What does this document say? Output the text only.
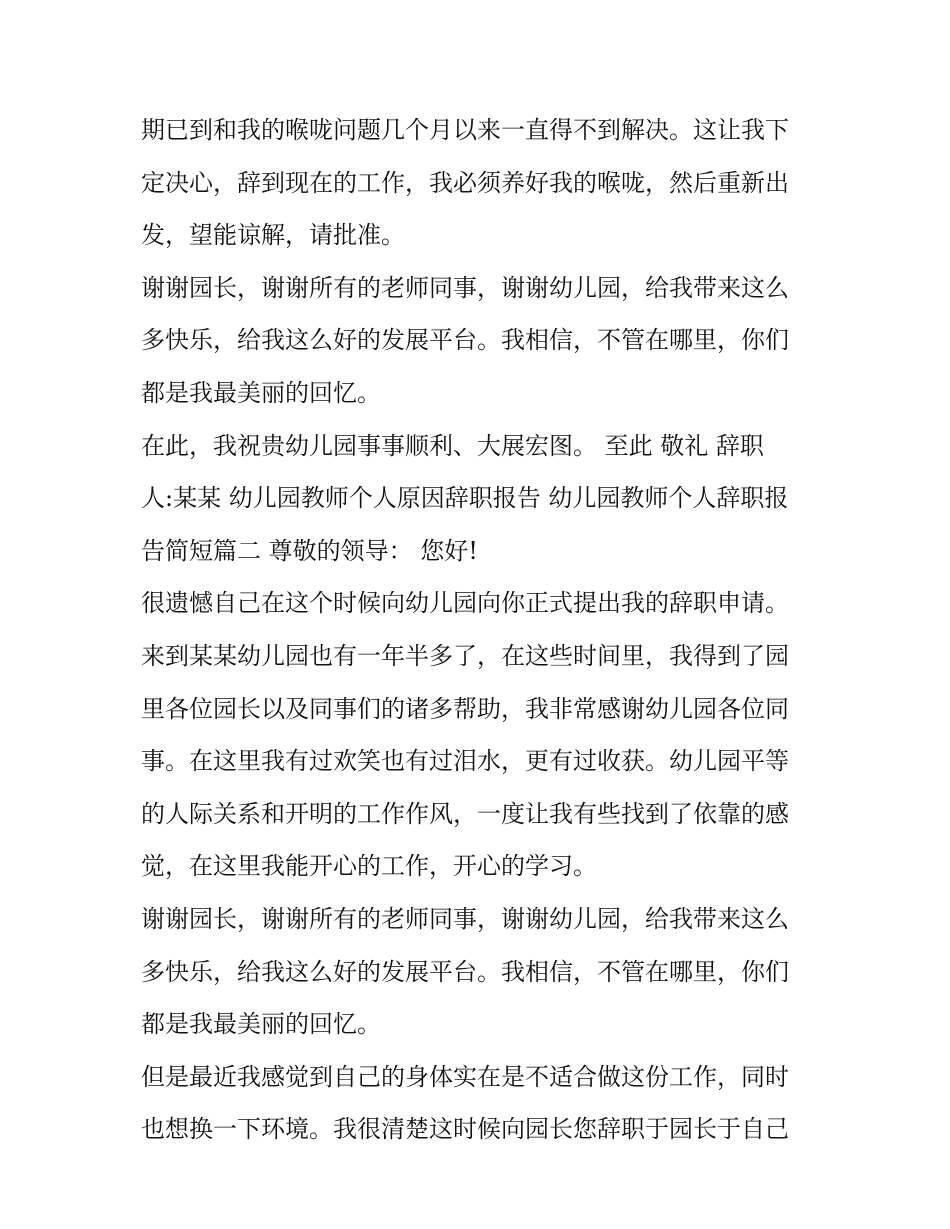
期已到和我的喉咙问题几个月以来一直得不到解决。这让我下
定决心，辞到现在的工作，我必须养好我的喉咙，然后重新出
发，望能谅解，请批准。
谢谢园长，谢谢所有的老师同事，谢谢幼儿园，给我带来这么
多快乐，给我这么好的发展平台。我相信，不管在哪里，你们
都是我最美丽的回忆。
在此，我祝贵幼儿园事事顺利、大展宏图。 至此 敬礼 辞职
人:某某 幼儿园教师个人原因辞职报告 幼儿园教师个人辞职报
告简短篇二 尊敬的领导： 您好!
很遗憾自己在这个时候向幼儿园向你正式提出我的辞职申请。
来到某某幼儿园也有一年半多了，在这些时间里，我得到了园
里各位园长以及同事们的诸多帮助，我非常感谢幼儿园各位同
事。在这里我有过欢笑也有过泪水，更有过收获。幼儿园平等
的人际关系和开明的工作作风，一度让我有些找到了依靠的感
觉，在这里我能开心的工作，开心的学习。
谢谢园长，谢谢所有的老师同事，谢谢幼儿园，给我带来这么
多快乐，给我这么好的发展平台。我相信，不管在哪里，你们
都是我最美丽的回忆。
但是最近我感觉到自己的身体实在是不适合做这份工作，同时
也想换一下环境。我很清楚这时候向园长您辞职于园长于自己
